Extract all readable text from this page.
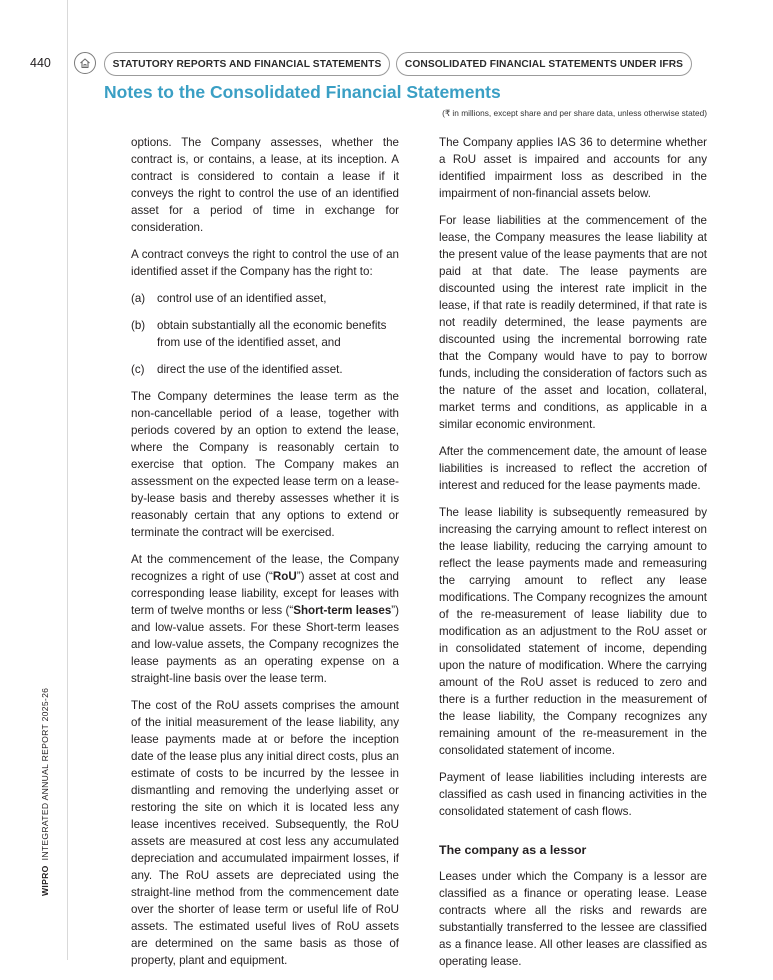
440	STATUTORY REPORTS AND FINANCIAL STATEMENTS	CONSOLIDATED FINANCIAL STATEMENTS UNDER IFRS
Notes to the Consolidated Financial Statements
(₹ in millions, except share and per share data, unless otherwise stated)

options. The Company assesses, whether the contract is, or contains, a lease, at its inception. A contract is considered to contain a lease if it conveys the right to control the use of an identified asset for a period of time in exchange for consideration.

A contract conveys the right to control the use of an identified asset if the Company has the right to:

(a)	control use of an identified asset,
(b)	obtain substantially all the economic benefits from use of the identified asset, and
(c)	direct the use of the identified asset.

The Company determines the lease term as the non-cancellable period of a lease, together with periods covered by an option to extend the lease, where the Company is reasonably certain to exercise that option. The Company makes an assessment on the expected lease term on a lease-by-lease basis and thereby assesses whether it is reasonably certain that any options to extend or terminate the contract will be exercised.

At the commencement of the lease, the Company recognizes a right of use (“RoU”) asset at cost and corresponding lease liability, except for leases with term of twelve months or less (“Short-term leases”) and low-value assets. For these Short-term leases and low-value assets, the Company recognizes the lease payments as an operating expense on a straight-line basis over the lease term.

The cost of the RoU assets comprises the amount of the initial measurement of the lease liability, any lease payments made at or before the inception date of the lease plus any initial direct costs, plus an estimate of costs to be incurred by the lessee in dismantling and removing the underlying asset or restoring the site on which it is located less any lease incentives received. Subsequently, the RoU assets are measured at cost less any accumulated depreciation and accumulated impairment losses, if any. The RoU assets are depreciated using the straight-line method from the commencement date over the shorter of lease term or useful life of RoU assets. The estimated useful lives of RoU assets are determined on the same basis as those of property, plant and equipment.

The Company applies IAS 36 to determine whether a RoU asset is impaired and accounts for any identified impairment loss as described in the impairment of non-financial assets below.

For lease liabilities at the commencement of the lease, the Company measures the lease liability at the present value of the lease payments that are not paid at that date. The lease payments are discounted using the interest rate implicit in the lease, if that rate is readily determined, if that rate is not readily determined, the lease payments are discounted using the incremental borrowing rate that the Company would have to pay to borrow funds, including the consideration of factors such as the nature of the asset and location, collateral, market terms and conditions, as applicable in a similar economic environment.

After the commencement date, the amount of lease liabilities is increased to reflect the accretion of interest and reduced for the lease payments made.

The lease liability is subsequently remeasured by increasing the carrying amount to reflect interest on the lease liability, reducing the carrying amount to reflect the lease payments made and remeasuring the carrying amount to reflect any lease modifications. The Company recognizes the amount of the re-measurement of lease liability due to modification as an adjustment to the RoU asset or in consolidated statement of income, depending upon the nature of modification. Where the carrying amount of the RoU asset is reduced to zero and there is a further reduction in the measurement of the lease liability, the Company recognizes any remaining amount of the re-measurement in the consolidated statement of income.

Payment of lease liabilities including interests are classified as cash used in financing activities in the consolidated statement of cash flows.

The company as a lessor

Leases under which the Company is a lessor are classified as a finance or operating lease. Lease contracts where all the risks and rewards are substantially transferred to the lessee are classified as a finance lease. All other leases are classified as operating lease.

WIPROINTEGRATED ANNUAL REPORT 2025-26
